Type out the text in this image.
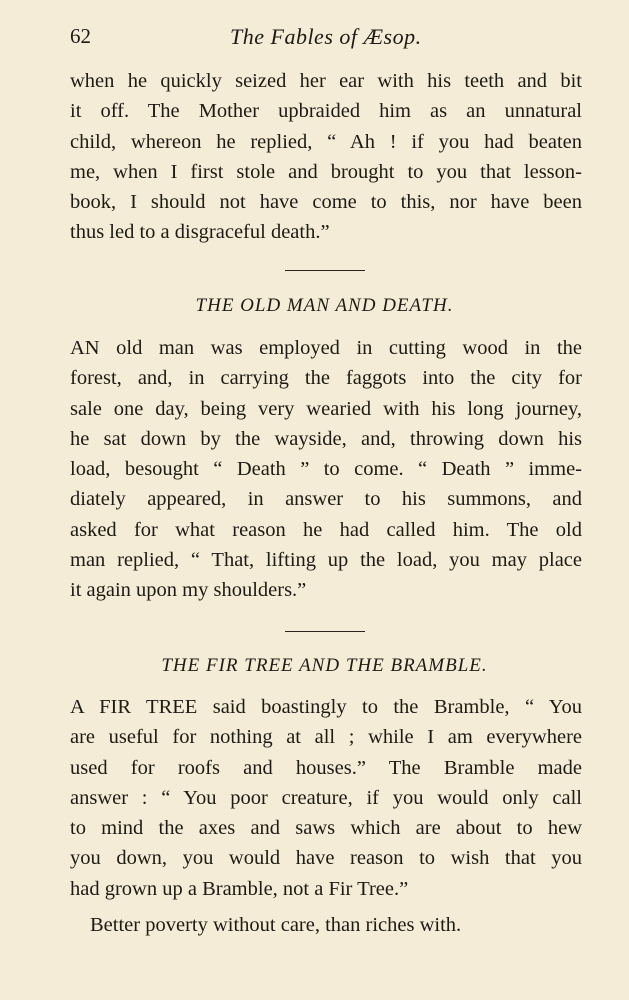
62	The Fables of Æsop.
when he quickly seized her ear with his teeth and bit
it off. The Mother upbraided him as an unnatural
child, whereon he replied, “ Ah ! if you had beaten
me, when I first stole and brought to you that lesson-
book, I should not have come to this, nor have been
thus led to a disgraceful death.”
THE OLD MAN AND DEATH.
AN old man was employed in cutting wood in the
forest, and, in carrying the faggots into the city for
sale one day, being very wearied with his long journey,
he sat down by the wayside, and, throwing down his
load, besought “ Death ” to come. “ Death ” imme-
diately appeared, in answer to his summons, and
asked for what reason he had called him. The old
man replied, “ That, lifting up the load, you may place
it again upon my shoulders.”
THE FIR TREE AND THE BRAMBLE.
A FIR TREE said boastingly to the Bramble, “ You
are useful for nothing at all ; while I am everywhere
used for roofs and houses.” The Bramble made
answer : “ You poor creature, if you would only call
to mind the axes and saws which are about to hew
you down, you would have reason to wish that you
had grown up a Bramble, not a Fir Tree.”
Better poverty without care, than riches with.
